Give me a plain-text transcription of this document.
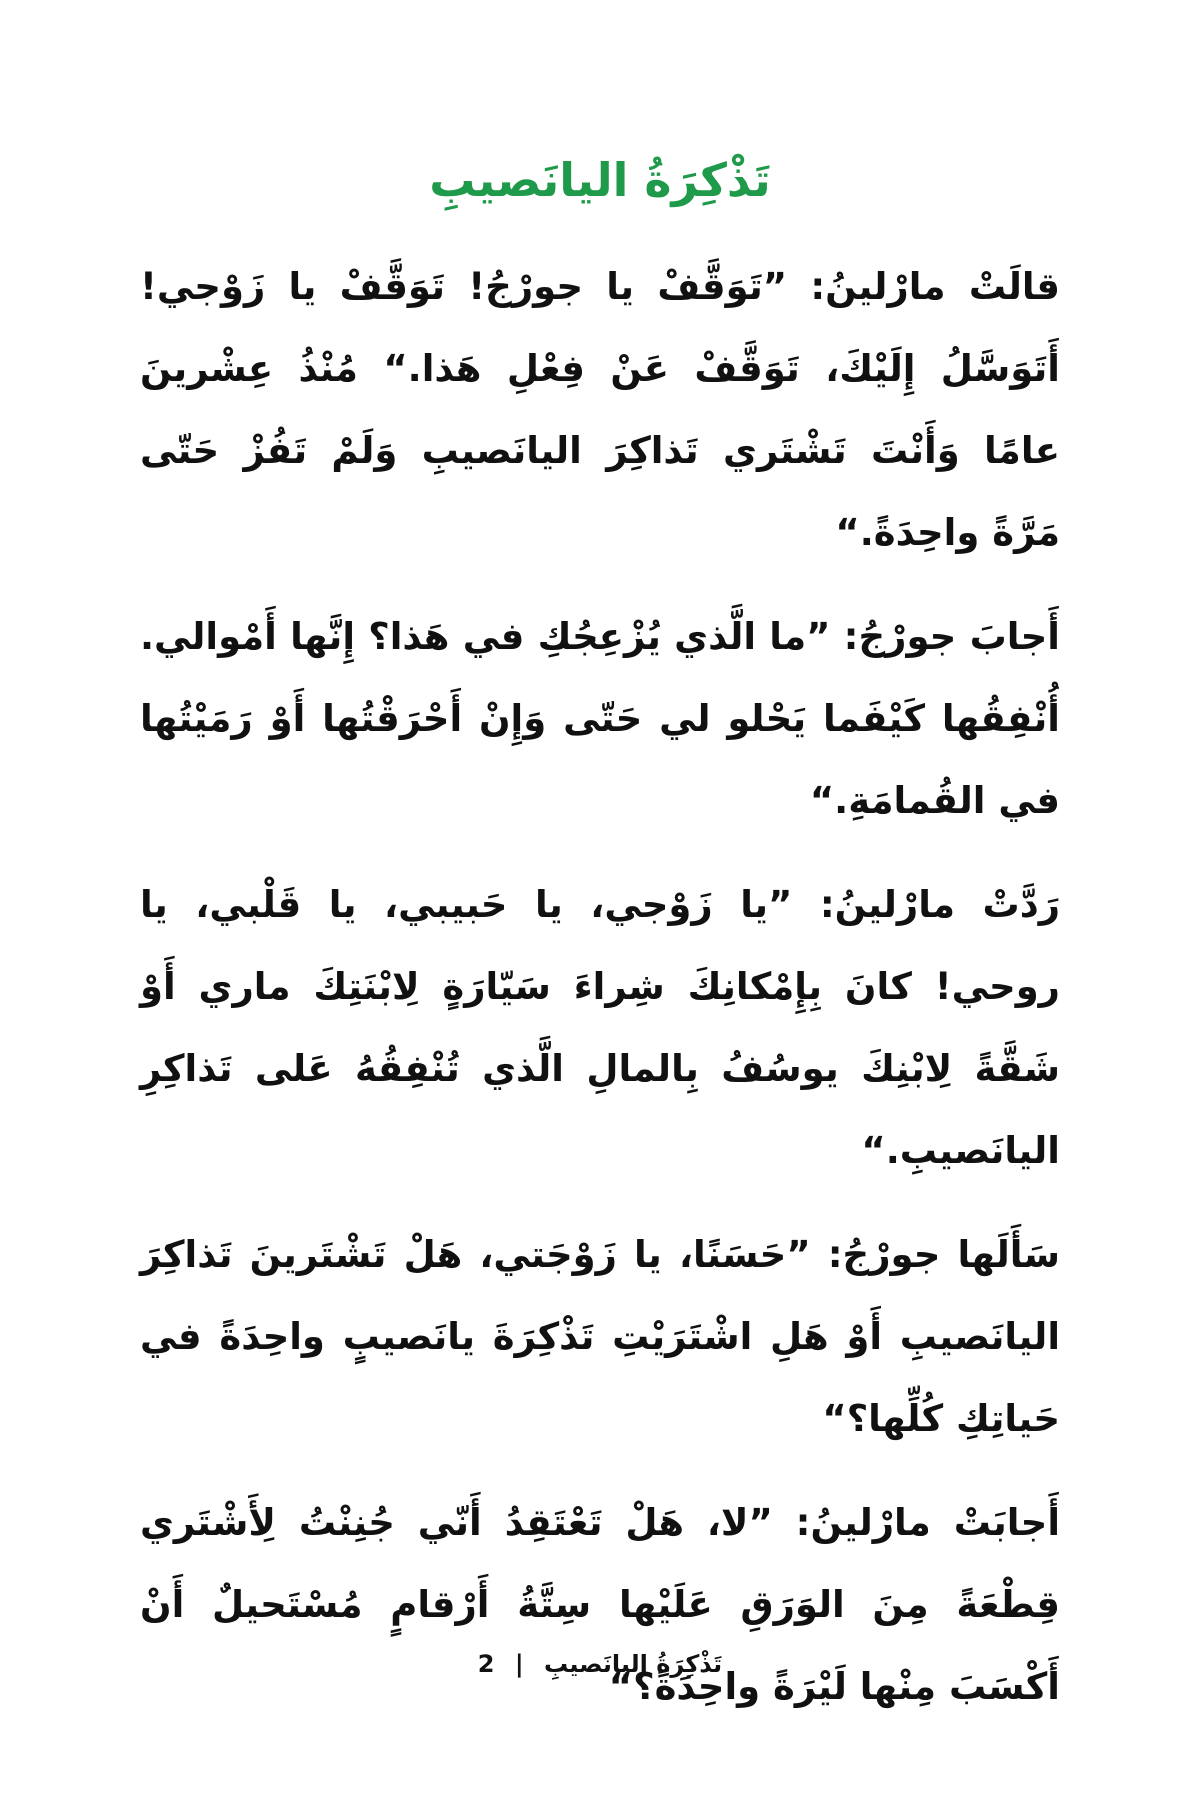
تَذْكِرَةُ اليانَصيبِ

قالَتْ مارْلينُ: ”تَوَقَّفْ يا جورْجُ! تَوَقَّفْ يا زَوْجي! أَتَوَسَّلُ إِلَيْكَ، تَوَقَّفْ عَنْ فِعْلِ هَذا.“ مُنْذُ عِشْرينَ عامًا وَأَنْتَ تَشْتَري تَذاكِرَ اليانَصيبِ وَلَمْ تَفُزْ حَتّى مَرَّةً واحِدَةً.“

أَجابَ جورْجُ: ”ما الَّذي يُزْعِجُكِ في هَذا؟ إِنَّها أَمْوالي. أُنْفِقُها كَيْفَما يَحْلو لي حَتّى وَإِنْ أَحْرَقْتُها أَوْ رَمَيْتُها في القُمامَةِ.“

رَدَّتْ مارْلينُ: ”يا زَوْجي، يا حَبيبي، يا قَلْبي، يا روحي! كانَ بِإِمْكانِكَ شِراءَ سَيّارَةٍ لِابْنَتِكَ ماري أَوْ شَقَّةً لِابْنِكَ يوسُفُ بِالمالِ الَّذي تُنْفِقُهُ عَلى تَذاكِرِ اليانَصيبِ.“

سَأَلَها جورْجُ: ”حَسَنًا، يا زَوْجَتي، هَلْ تَشْتَرينَ تَذاكِرَ اليانَصيبِ أَوْ هَلِ اشْتَرَيْتِ تَذْكِرَةَ يانَصيبٍ واحِدَةً في حَياتِكِ كُلِّها؟“

أَجابَتْ مارْلينُ: ”لا، هَلْ تَعْتَقِدُ أَنّي جُنِنْتُ لِأَشْتَري قِطْعَةً مِنَ الوَرَقِ عَلَيْها سِتَّةُ أَرْقامٍ مُسْتَحيلٌ أَنْ أَكْسَبَ مِنْها لَيْرَةً واحِدَةً؟“

تَذْكِرَةُ اليانَصيبِ | 2
